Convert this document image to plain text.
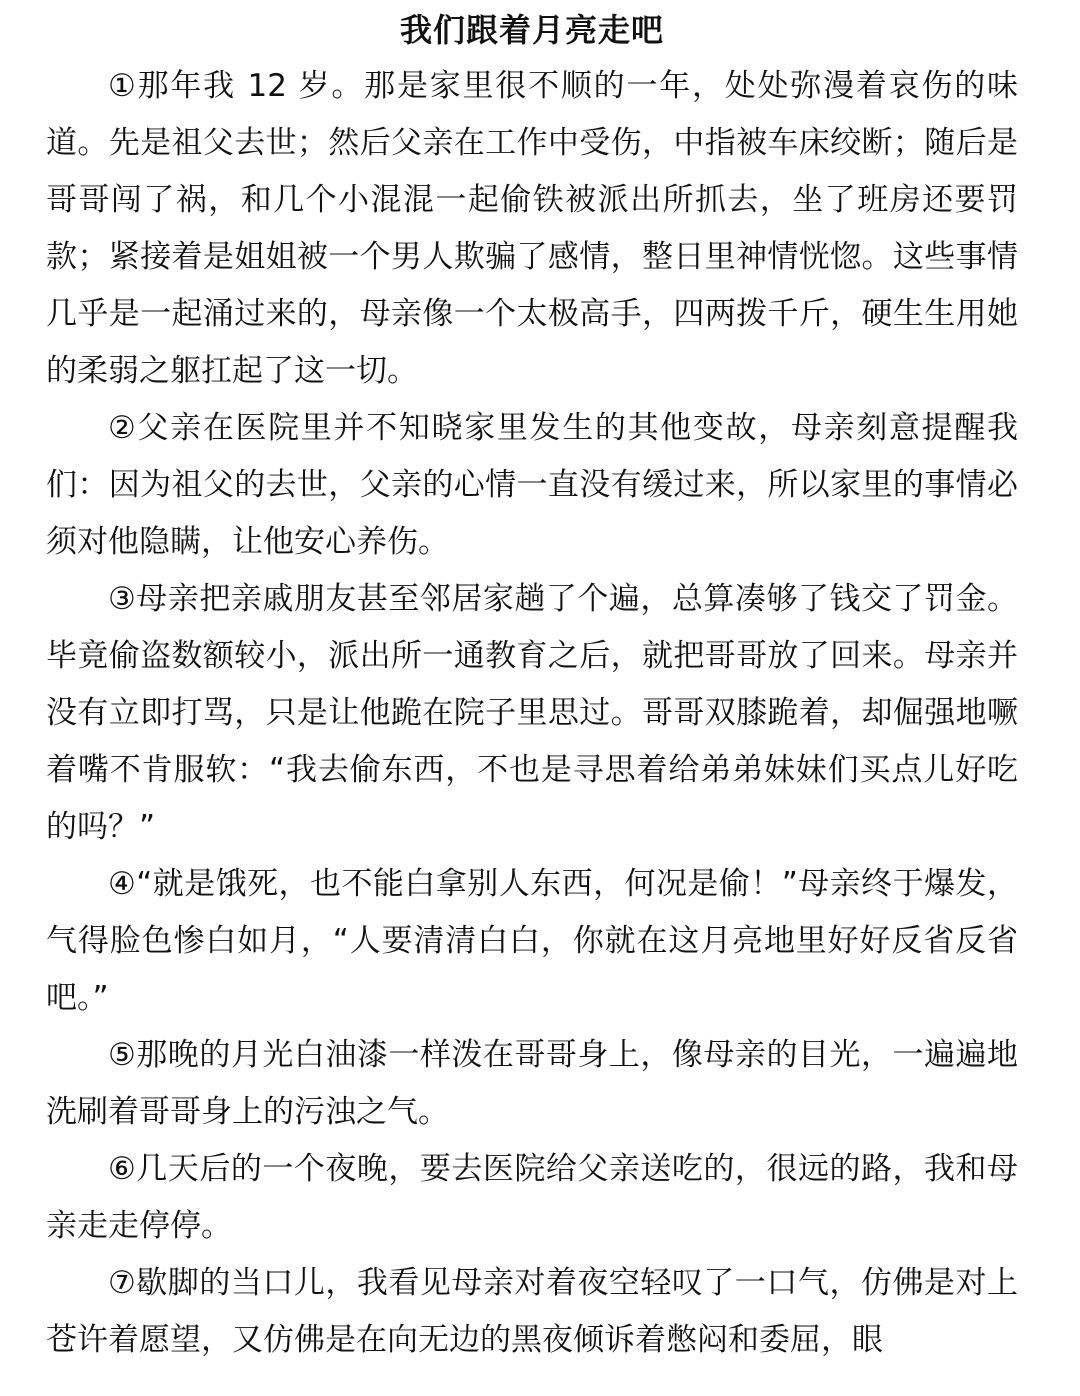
我们跟着月亮走吧

①那年我 12 岁。那是家里很不顺的一年，处处弥漫着哀伤的味道。先是祖父去世；然后父亲在工作中受伤，中指被车床绞断；随后是哥哥闯了祸，和几个小混混一起偷铁被派出所抓去，坐了班房还要罚款；紧接着是姐姐被一个男人欺骗了感情，整日里神情恍惚。这些事情几乎是一起涌过来的，母亲像一个太极高手，四两拨千斤，硬生生用她的柔弱之躯扛起了这一切。

②父亲在医院里并不知晓家里发生的其他变故，母亲刻意提醒我们：因为祖父的去世，父亲的心情一直没有缓过来，所以家里的事情必须对他隐瞒，让他安心养伤。

③母亲把亲戚朋友甚至邻居家趟了个遍，总算凑够了钱交了罚金。毕竟偷盗数额较小，派出所一通教育之后，就把哥哥放了回来。母亲并没有立即打骂，只是让他跪在院子里思过。哥哥双膝跪着，却倔强地噘着嘴不肯服软：“我去偷东西，不也是寻思着给弟弟妹妹们买点儿好吃的吗？”

④“就是饿死，也不能白拿别人东西，何况是偷！”母亲终于爆发，气得脸色惨白如月，“人要清清白白，你就在这月亮地里好好反省反省吧。”

⑤那晚的月光白油漆一样泼在哥哥身上，像母亲的目光，一遍遍地洗刷着哥哥身上的污浊之气。

⑥几天后的一个夜晚，要去医院给父亲送吃的，很远的路，我和母亲走走停停。

⑦歇脚的当口儿，我看见母亲对着夜空轻叹了一口气，仿佛是对上苍许着愿望，又仿佛是在向无边的黑夜倾诉着憋闷和委屈，眼
